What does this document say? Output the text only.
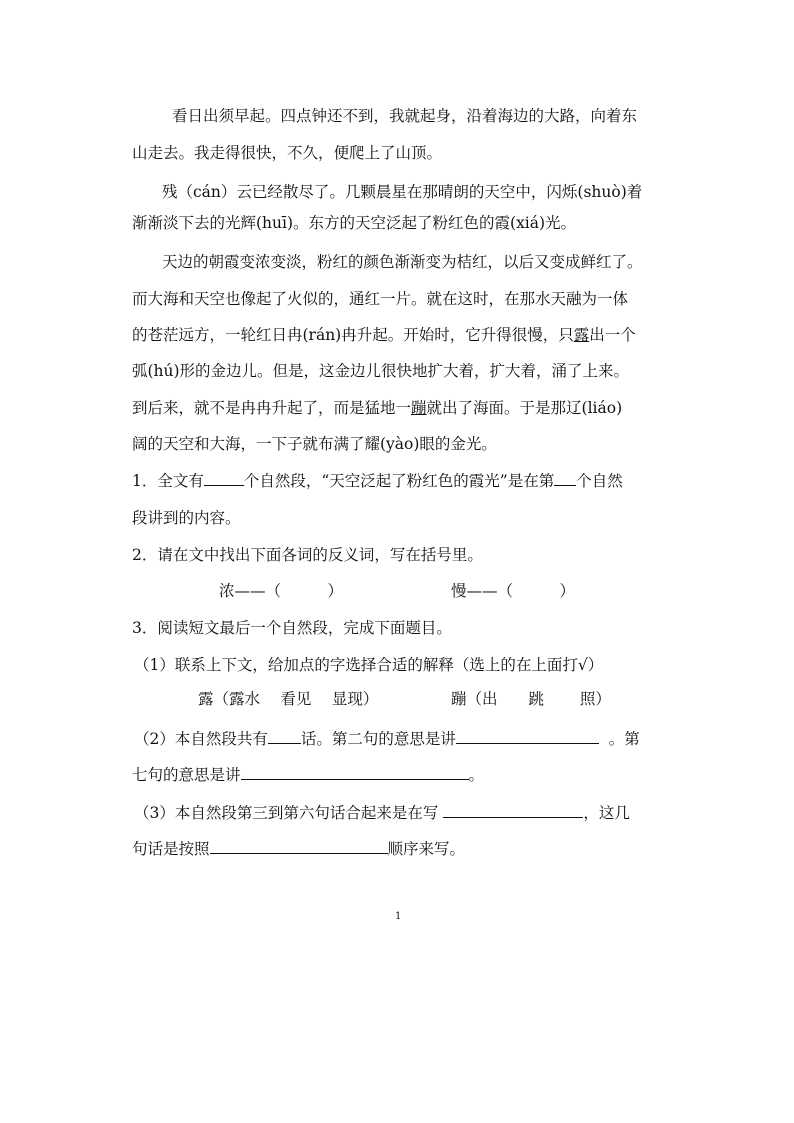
看日出须早起。四点钟还不到，我就起身，沿着海边的大路，向着东
山走去。我走得很快，不久，便爬上了山顶。
残（cán）云已经散尽了。几颗晨星在那晴朗的天空中，闪烁(shuò)着
渐渐淡下去的光辉(huī)。东方的天空泛起了粉红色的霞(xiá)光。
天边的朝霞变浓变淡，粉红的颜色渐渐变为桔红，以后又变成鲜红了。
而大海和天空也像起了火似的，通红一片。就在这时，在那水天融为一体
的苍茫远方，一轮红日冉(rán)冉升起。开始时，它升得很慢，只露出一个
弧(hú)形的金边儿。但是，这金边儿很快地扩大着，扩大着，涌了上来。
到后来，就不是冉冉升起了，而是猛地一蹦就出了海面。于是那辽(liáo)
阔的天空和大海，一下子就布满了耀(yào)眼的金光。
1．全文有	个自然段，“天空泛起了粉红色的霞光”是在第 个自然
段讲到的内容。
2．请在文中找出下面各词的反义词，写在括号里。
浓——（　　　）	慢——（　　　）
3．阅读短文最后一个自然段，完成下面题目。
（1）联系上下文，给加点的字选择合适的解释（选上的在上面打√）
露（露水　 看见　 显现）	蹦（出　　跳　　 照）
（2）本自然段共有 话。第二句的意思是讲	。第
七句的意思是讲	。
（3）本自然段第三到第六句话合起来是在写	，这几
句话是按照	顺序来写。
1
